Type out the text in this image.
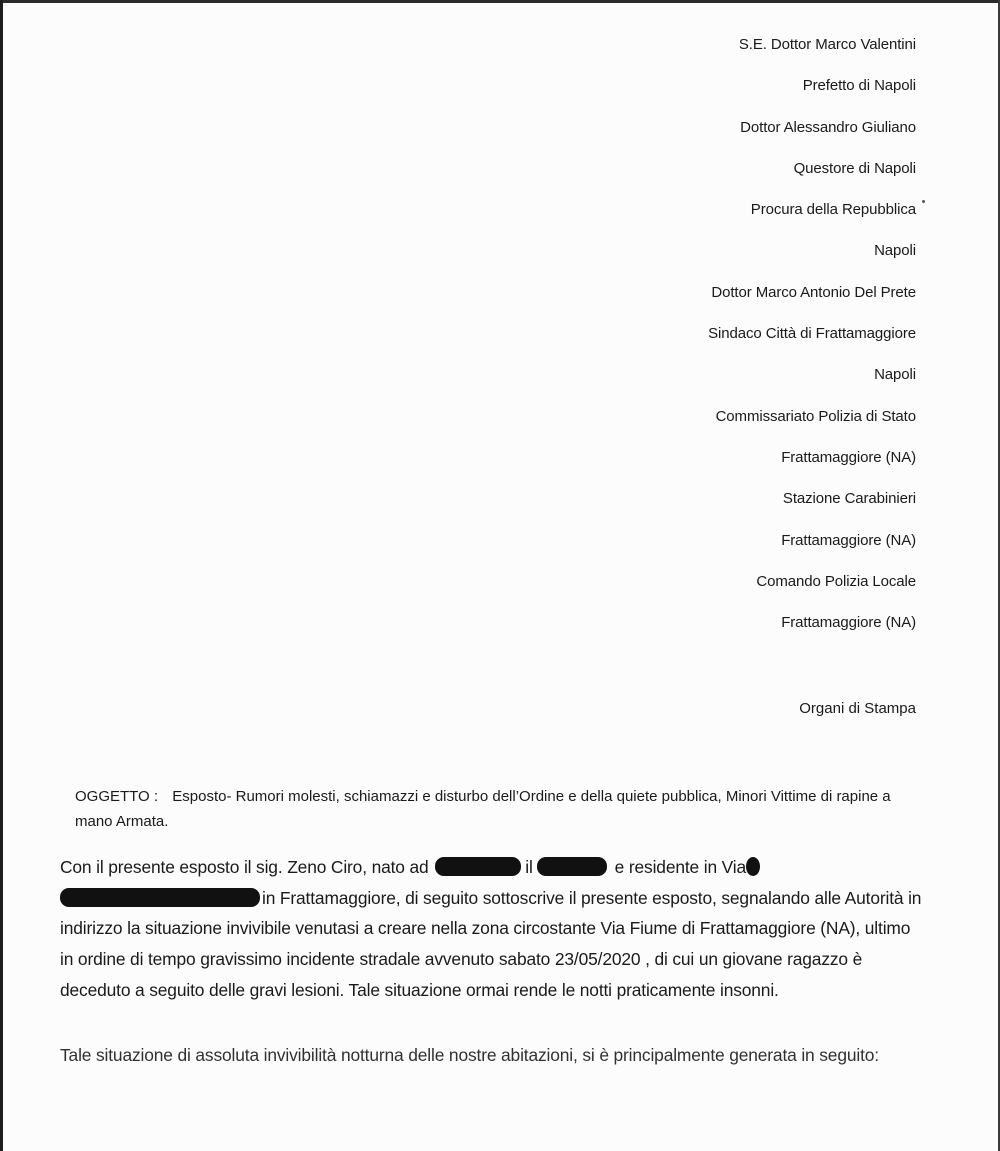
S.E. Dottor Marco Valentini
Prefetto di Napoli
Dottor Alessandro Giuliano
Questore di Napoli
Procura della Repubblica
Napoli
Dottor Marco Antonio Del Prete
Sindaco Città di Frattamaggiore
Napoli
Commissariato Polizia di Stato
Frattamaggiore (NA)
Stazione Carabinieri
Frattamaggiore (NA)
Comando Polizia Locale
Frattamaggiore (NA)
Organi di Stampa
OGGETTO : Esposto- Rumori molesti, schiamazzi e disturbo dell’Ordine e della quiete pubblica, Minori Vittime di rapine a mano Armata.
Con il presente esposto il sig. Zeno Ciro, nato ad	il	e residente in Via in Frattamaggiore, di seguito sottoscrive il presente esposto, segnalando alle Autorità in indirizzo la situazione invivibile venutasi a creare nella zona circostante Via Fiume di Frattamaggiore (NA), ultimo in ordine di tempo gravissimo incidente stradale avvenuto sabato 23/05/2020 , di cui un giovane ragazzo è deceduto a seguito delle gravi lesioni. Tale situazione ormai rende le notti praticamente insonni.
Tale situazione di assoluta invivibilità notturna delle nostre abitazioni, si è principalmente generata in seguito:
